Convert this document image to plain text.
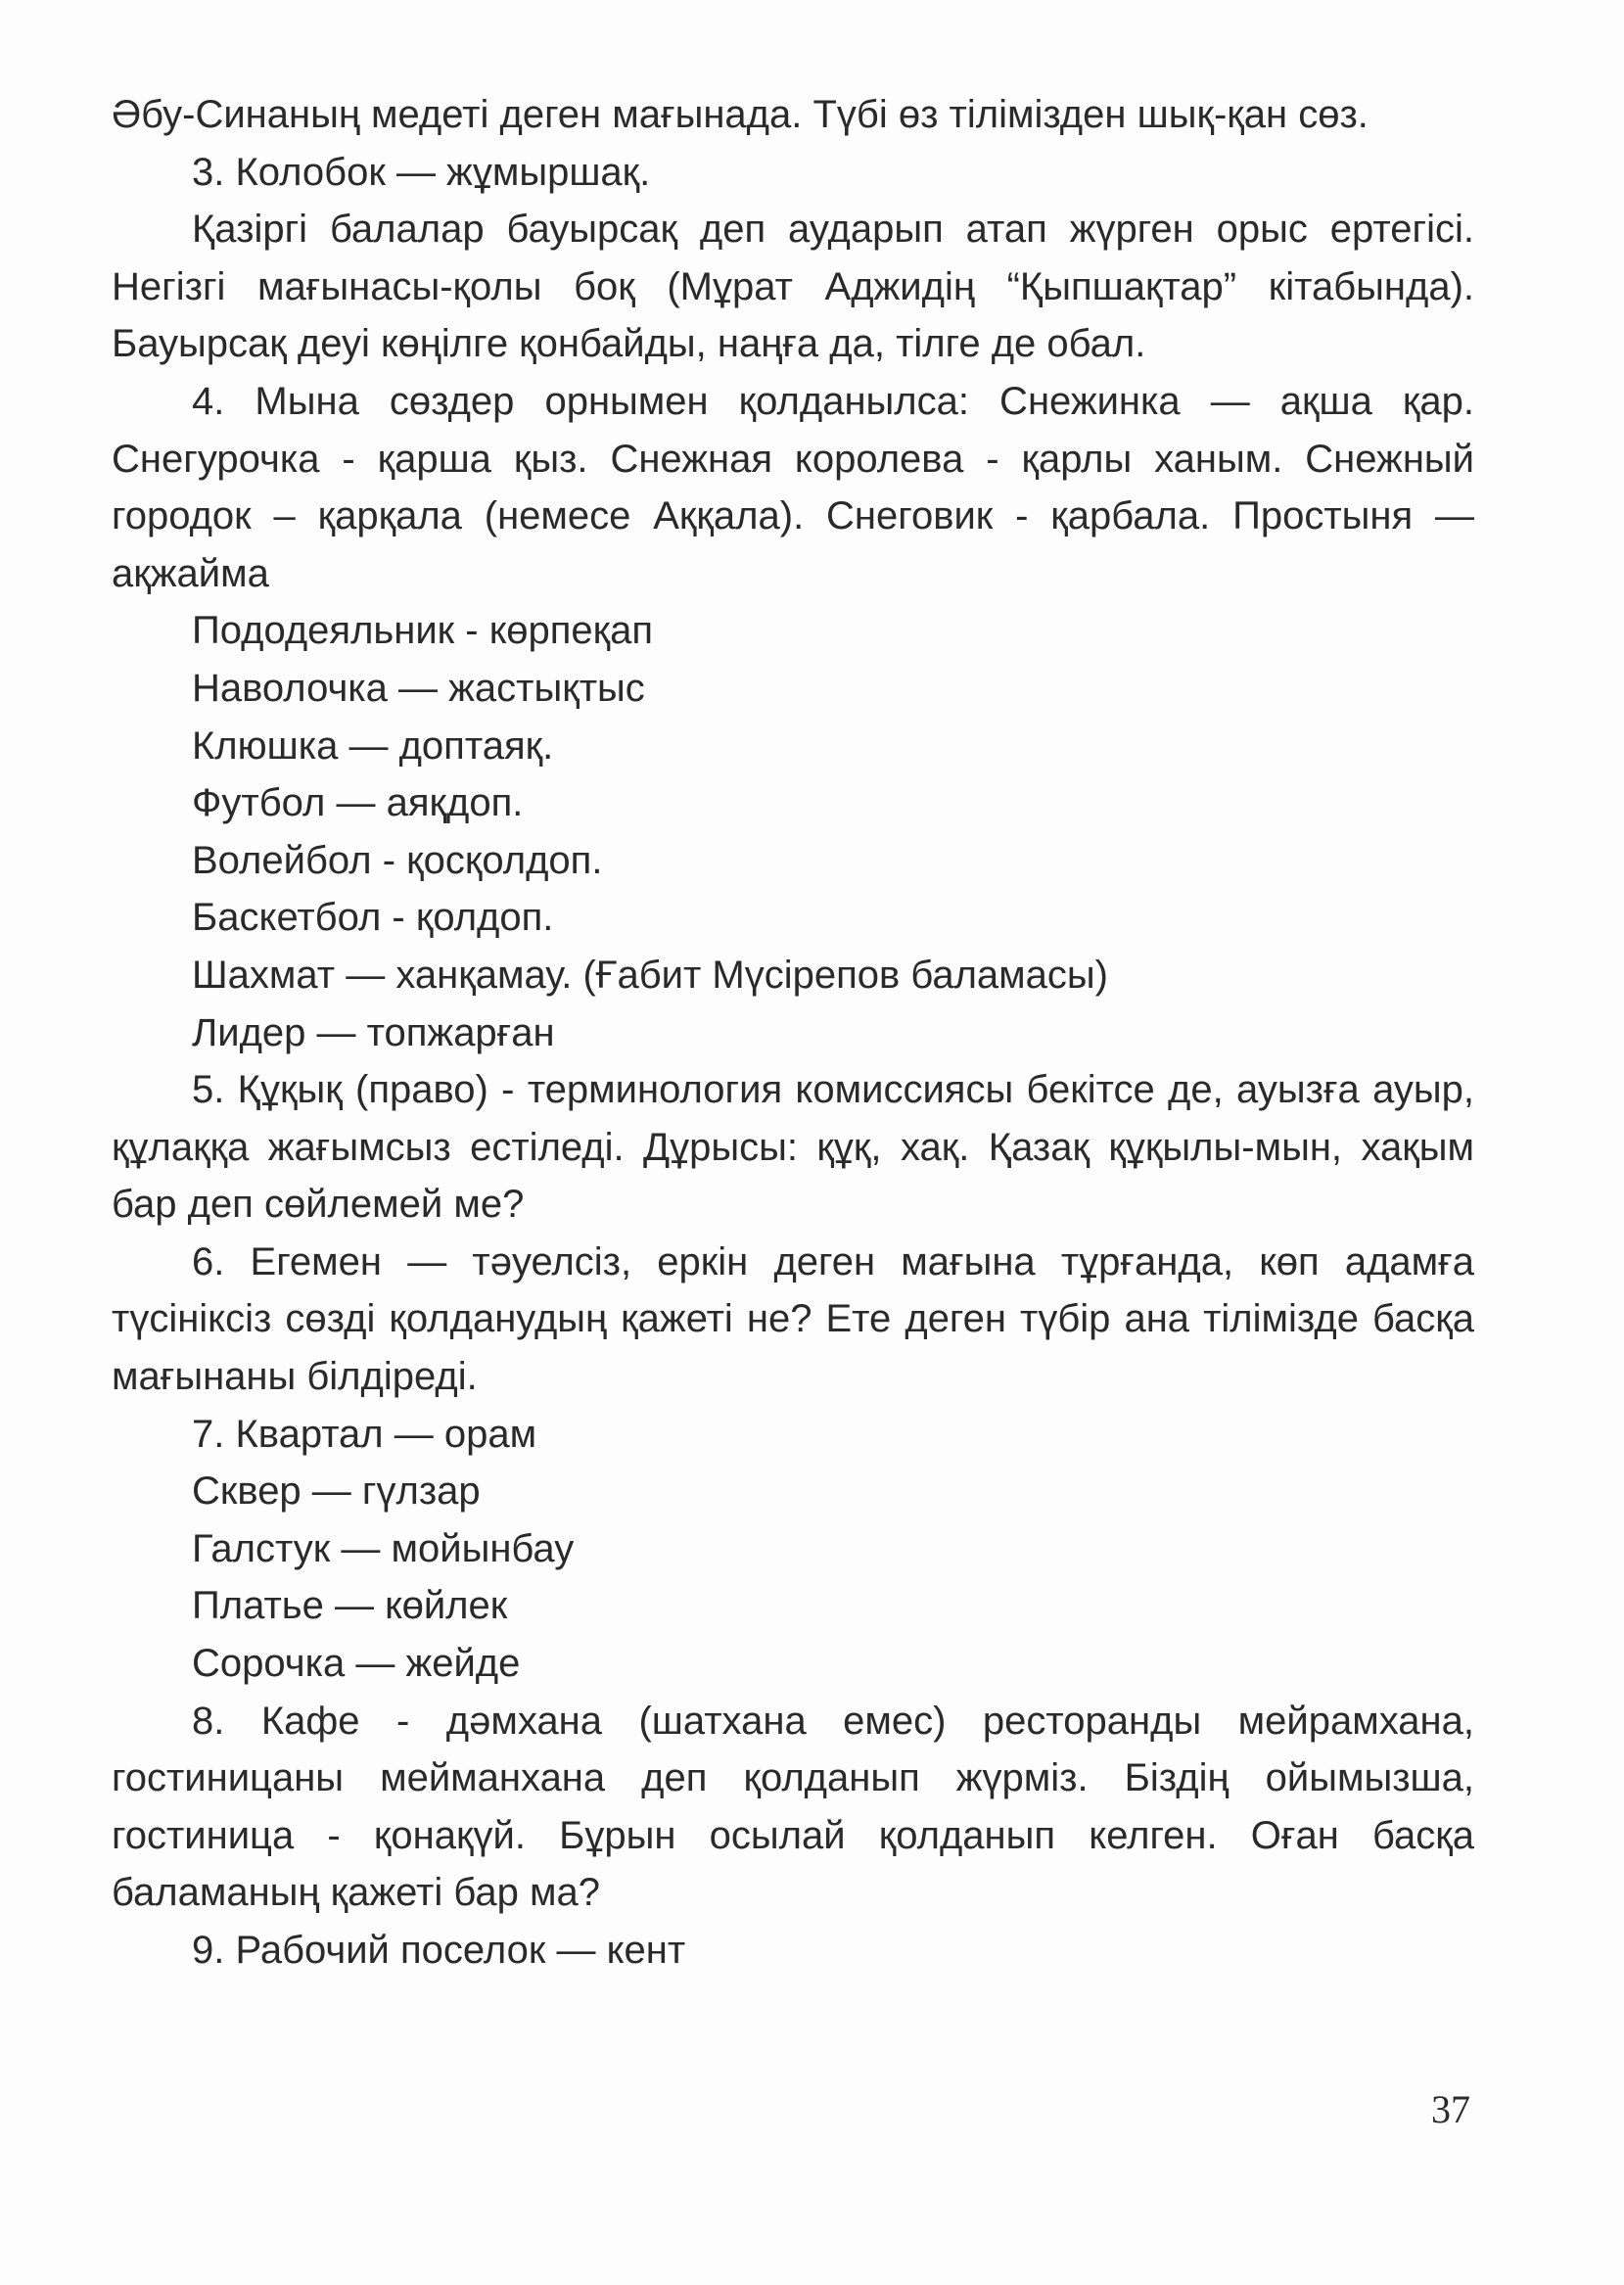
Әбу-Синаның медеті деген мағынада. Түбі өз тілімізден шық-қан сөз.

3. Колобок — жұмыршақ.

Қазіргі балалар бауырсақ деп аударып атап жүрген орыс ертегісі. Негізгі мағынасы-қолы боқ (Мұрат Аджидің “Қыпшақтар” кітабында). Бауырсақ деуі көңілге қонбайды, наңға да, тілге де обал.

4. Мына сөздер орнымен қолданылса: Снежинка — ақша қар. Снегурочка - қарша қыз. Снежная королева - қарлы ханым. Снежный городок – қарқала (немесе Аққала). Снеговик - қарбала. Простыня — ақжайма

Пододеяльник - көрпеқап

Наволочка — жастықтыс

Клюшка — доптаяқ.

Футбол — аяқдоп.

Волейбол - қосқолдоп.

Баскетбол - қолдоп.

Шахмат — ханқамау. (Ғабит Мүсірепов баламасы)

Лидер — топжарған

5. Құқық (право) - терминология комиссиясы бекітсе де, ауызға ауыр, құлаққа жағымсыз естіледі. Дұрысы: құқ, хақ. Қазақ құқылы-мын, хақым бар деп сөйлемей ме?

6. Егемен — тәуелсіз, еркін деген мағына тұрғанда, көп адамға түсініксіз сөзді қолданудың қажеті не? Ете деген түбір ана тілімізде басқа мағынаны білдіреді.

7. Квартал — орам

Сквер — гүлзар

Галстук — мойынбау

Платье — көйлек

Сорочка — жейде

8. Кафе - дәмхана (шатхана емес) ресторанды мейрамхана, гостиницаны мейманхана деп қолданып жүрміз. Біздің ойымызша, гостиница - қонақүй. Бұрын осылай қолданып келген. Оған басқа баламаның қажеті бар ма?

9. Рабочий поселок — кент

37
